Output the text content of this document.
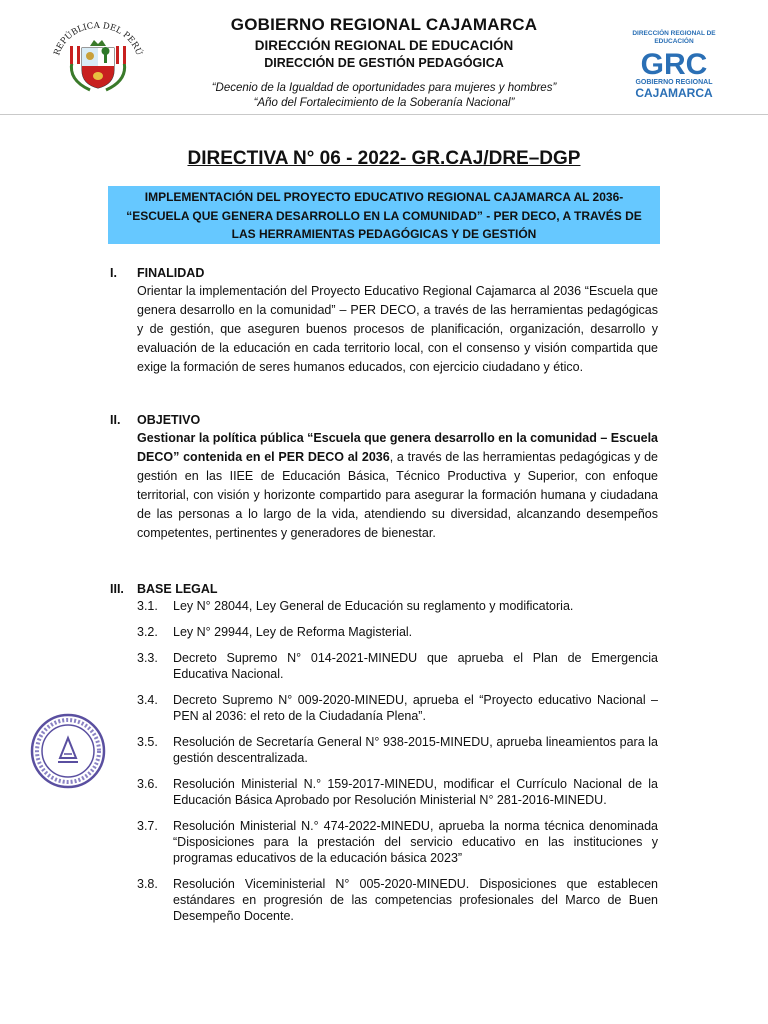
REPÚBLICA DEL PERÚ
GOBIERNO REGIONAL CAJAMARCA
DIRECCIÓN REGIONAL DE EDUCACIÓN
DIRECCIÓN DE GESTIÓN PEDAGÓGICA
“Decenio de la Igualdad de oportunidades para mujeres y hombres”
“Año del Fortalecimiento de la Soberanía Nacional”
DIRECCIÓN REGIONAL DE EDUCACIÓN
GRC
GOBIERNO REGIONAL
CAJAMARCA
DIRECTIVA N° 06 - 2022- GR.CAJ/DRE–DGP
IMPLEMENTACIÓN DEL PROYECTO EDUCATIVO REGIONAL CAJAMARCA AL 2036- “ESCUELA QUE GENERA DESARROLLO EN LA COMUNIDAD” - PER DECO, A TRAVÉS DE LAS HERRAMIENTAS PEDAGÓGICAS Y DE GESTIÓN
I. FINALIDAD
Orientar la implementación del Proyecto Educativo Regional Cajamarca al 2036 “Escuela que genera desarrollo en la comunidad” – PER DECO, a través de las herramientas pedagógicas y de gestión, que aseguren buenos procesos de planificación, organización, desarrollo y evaluación de la educación en cada territorio local, con el consenso y visión compartida que exige la formación de seres humanos educados, con ejercicio ciudadano y ético.
II. OBJETIVO
Gestionar la política pública “Escuela que genera desarrollo en la comunidad – Escuela DECO” contenida en el PER DECO al 2036, a través de las herramientas pedagógicas y de gestión en las IIEE de Educación Básica, Técnico Productiva y Superior, con enfoque territorial, con visión y horizonte compartido para asegurar la formación humana y ciudadana de las personas a lo largo de la vida, atendiendo su diversidad, alcanzando desempeños competentes, pertinentes y generadores de bienestar.
III. BASE LEGAL
3.1. Ley N° 28044, Ley General de Educación su reglamento y modificatoria.
3.2. Ley N° 29944, Ley de Reforma Magisterial.
3.3. Decreto Supremo N° 014-2021-MINEDU que aprueba el Plan de Emergencia Educativa Nacional.
3.4. Decreto Supremo N° 009-2020-MINEDU, aprueba el “Proyecto educativo Nacional – PEN al 2036: el reto de la Ciudadanía Plena”.
3.5. Resolución de Secretaría General N° 938-2015-MINEDU, aprueba lineamientos para la gestión descentralizada.
3.6. Resolución Ministerial N.° 159-2017-MINEDU, modificar el Currículo Nacional de la Educación Básica Aprobado por Resolución Ministerial N° 281-2016-MINEDU.
3.7. Resolución Ministerial N.° 474-2022-MINEDU, aprueba la norma técnica denominada “Disposiciones para la prestación del servicio educativo en las instituciones y programas educativos de la educación básica 2023”
3.8. Resolución Viceministerial N° 005-2020-MINEDU. Disposiciones que establecen estándares en progresión de las competencias profesionales del Marco de Buen Desempeño Docente.
